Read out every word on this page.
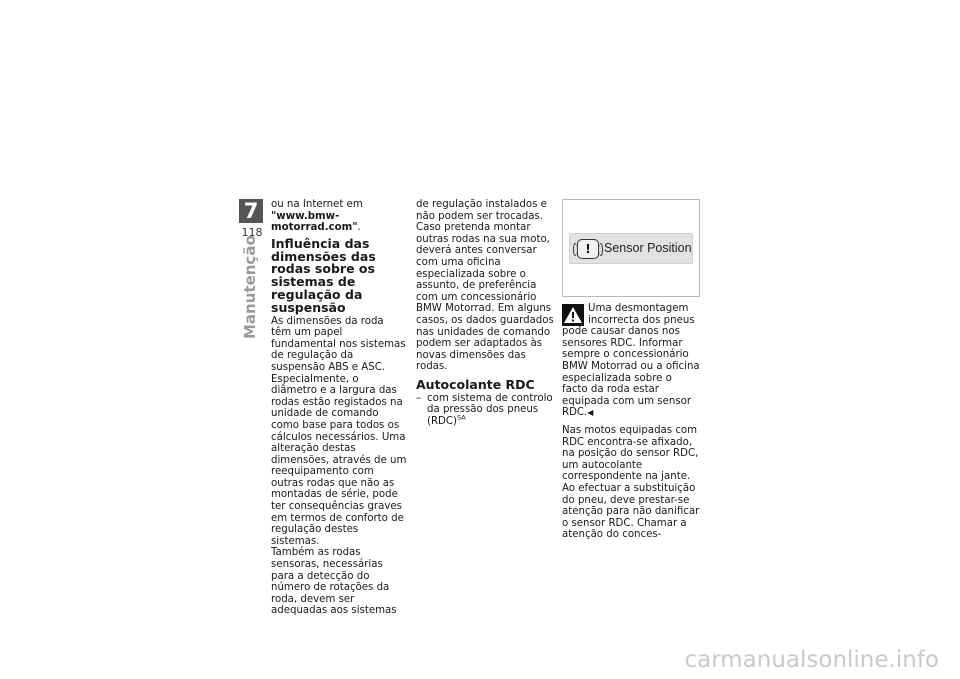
7
118
Manutenção

ou na Internet em "www.bmw-motorrad.com".

Influência das dimensões das rodas sobre os sistemas de regulação da suspensão

As dimensões da roda têm um papel fundamental nos sistemas de regulação da suspensão ABS e ASC. Especialmente, o diâmetro e a largura das rodas estão registados na unidade de comando como base para todos os cálculos necessários. Uma alteração destas dimensões, através de um reequipamento com outras rodas que não as montadas de série, pode ter consequências graves em termos de conforto de regulação destes sistemas.

Também as rodas sensoras, necessárias para a detecção do número de rotações da roda, devem ser adequadas aos sistemas

de regulação instalados e não podem ser trocadas.

Caso pretenda montar outras rodas na sua moto, deverá antes conversar com uma oficina especializada sobre o assunto, de preferência com um concessionário BMW Motorrad. Em alguns casos, os dados guardados nas unidades de comando podem ser adaptados às novas dimensões das rodas.

Autocolante RDC

– com sistema de controlo da pressão dos pneus (RDC)$^{SA}$

!	Sensor Position

Uma desmontagem incorrecta dos pneus pode causar danos nos sensores RDC. Informar sempre o concessionário BMW Motorrad ou a oficina especializada sobre o facto da roda estar equipada com um sensor RDC.◀

Nas motos equipadas com RDC encontra-se afixado, na posição do sensor RDC, um autocolante correspondente na jante. Ao efectuar a substituição do pneu, deve prestar-se atenção para não danificar o sensor RDC. Chamar a atenção do conces-

carmanualsonline.info
